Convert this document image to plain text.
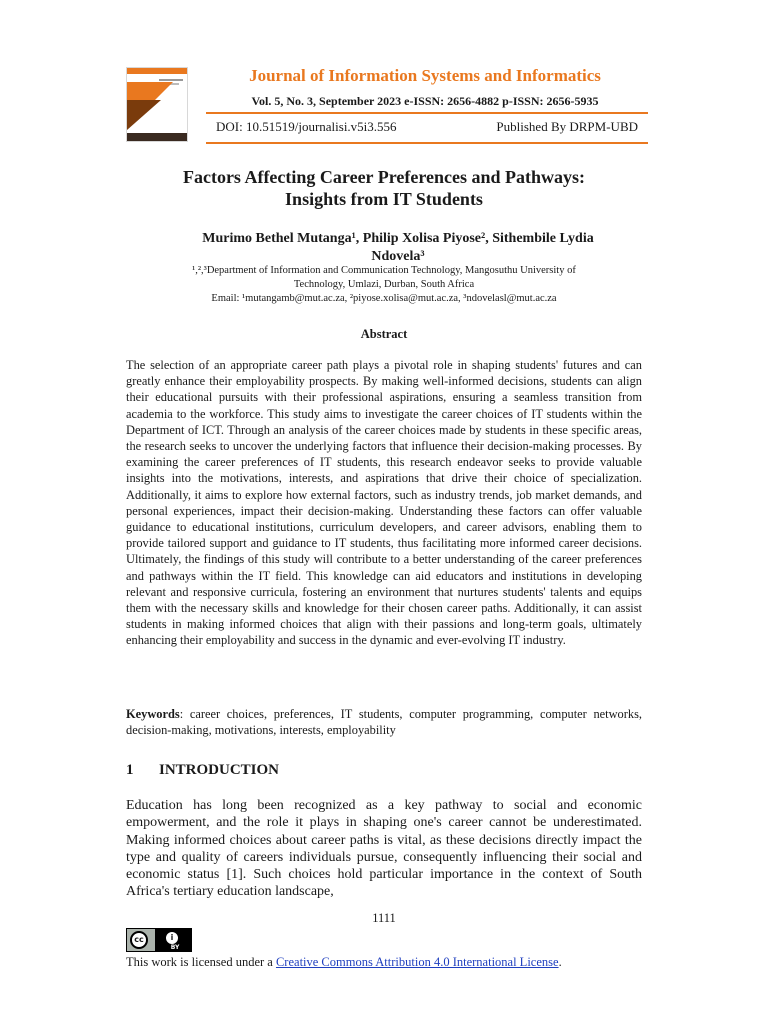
Journal of Information Systems and Informatics
Vol. 5, No. 3, September 2023 e-ISSN: 2656-4882 p-ISSN: 2656-5935
DOI: 10.51519/journalisi.v5i3.556	Published By DRPM-UBD
Factors Affecting Career Preferences and Pathways:
Insights from IT Students
Murimo Bethel Mutanga¹, Philip Xolisa Piyose², Sithembile Lydia
Ndovela³
¹,²,³Department of Information and Communication Technology, Mangosuthu University of
Technology, Umlazi, Durban, South Africa
Email: ¹mutangamb@mut.ac.za, ²piyose.xolisa@mut.ac.za, ³ndovelasl@mut.ac.za
Abstract

The selection of an appropriate career path plays a pivotal role in shaping students' futures and can greatly enhance their employability prospects. By making well-informed decisions, students can align their educational pursuits with their professional aspirations, ensuring a seamless transition from academia to the workforce. This study aims to investigate the career choices of IT students within the Department of ICT. Through an analysis of the career choices made by students in these specific areas, the research seeks to uncover the underlying factors that influence their decision-making processes. By examining the career preferences of IT students, this research endeavor seeks to provide valuable insights into the motivations, interests, and aspirations that drive their choice of specialization. Additionally, it aims to explore how external factors, such as industry trends, job market demands, and personal experiences, impact their decision-making. Understanding these factors can offer valuable guidance to educational institutions, curriculum developers, and career advisors, enabling them to provide tailored support and guidance to IT students, thus facilitating more informed career decisions. Ultimately, the findings of this study will contribute to a better understanding of the career preferences and pathways within the IT field. This knowledge can aid educators and institutions in developing relevant and responsive curricula, fostering an environment that nurtures students' talents and equips them with the necessary skills and knowledge for their chosen career paths. Additionally, it can assist students in making informed choices that align with their passions and long-term goals, ultimately enhancing their employability and success in the dynamic and ever-evolving IT industry.

Keywords: career choices, preferences, IT students, computer programming, computer networks, decision-making, motivations, interests, employability

1 INTRODUCTION

Education has long been recognized as a key pathway to social and economic empowerment, and the role it plays in shaping one's career cannot be underestimated. Making informed choices about career paths is vital, as these decisions directly impact the type and quality of careers individuals pursue, consequently influencing their social and economic status [1]. Such choices hold particular importance in the context of South Africa's tertiary education landscape,

1111
cc	i
BY
This work is licensed under a Creative Commons Attribution 4.0 International License.
